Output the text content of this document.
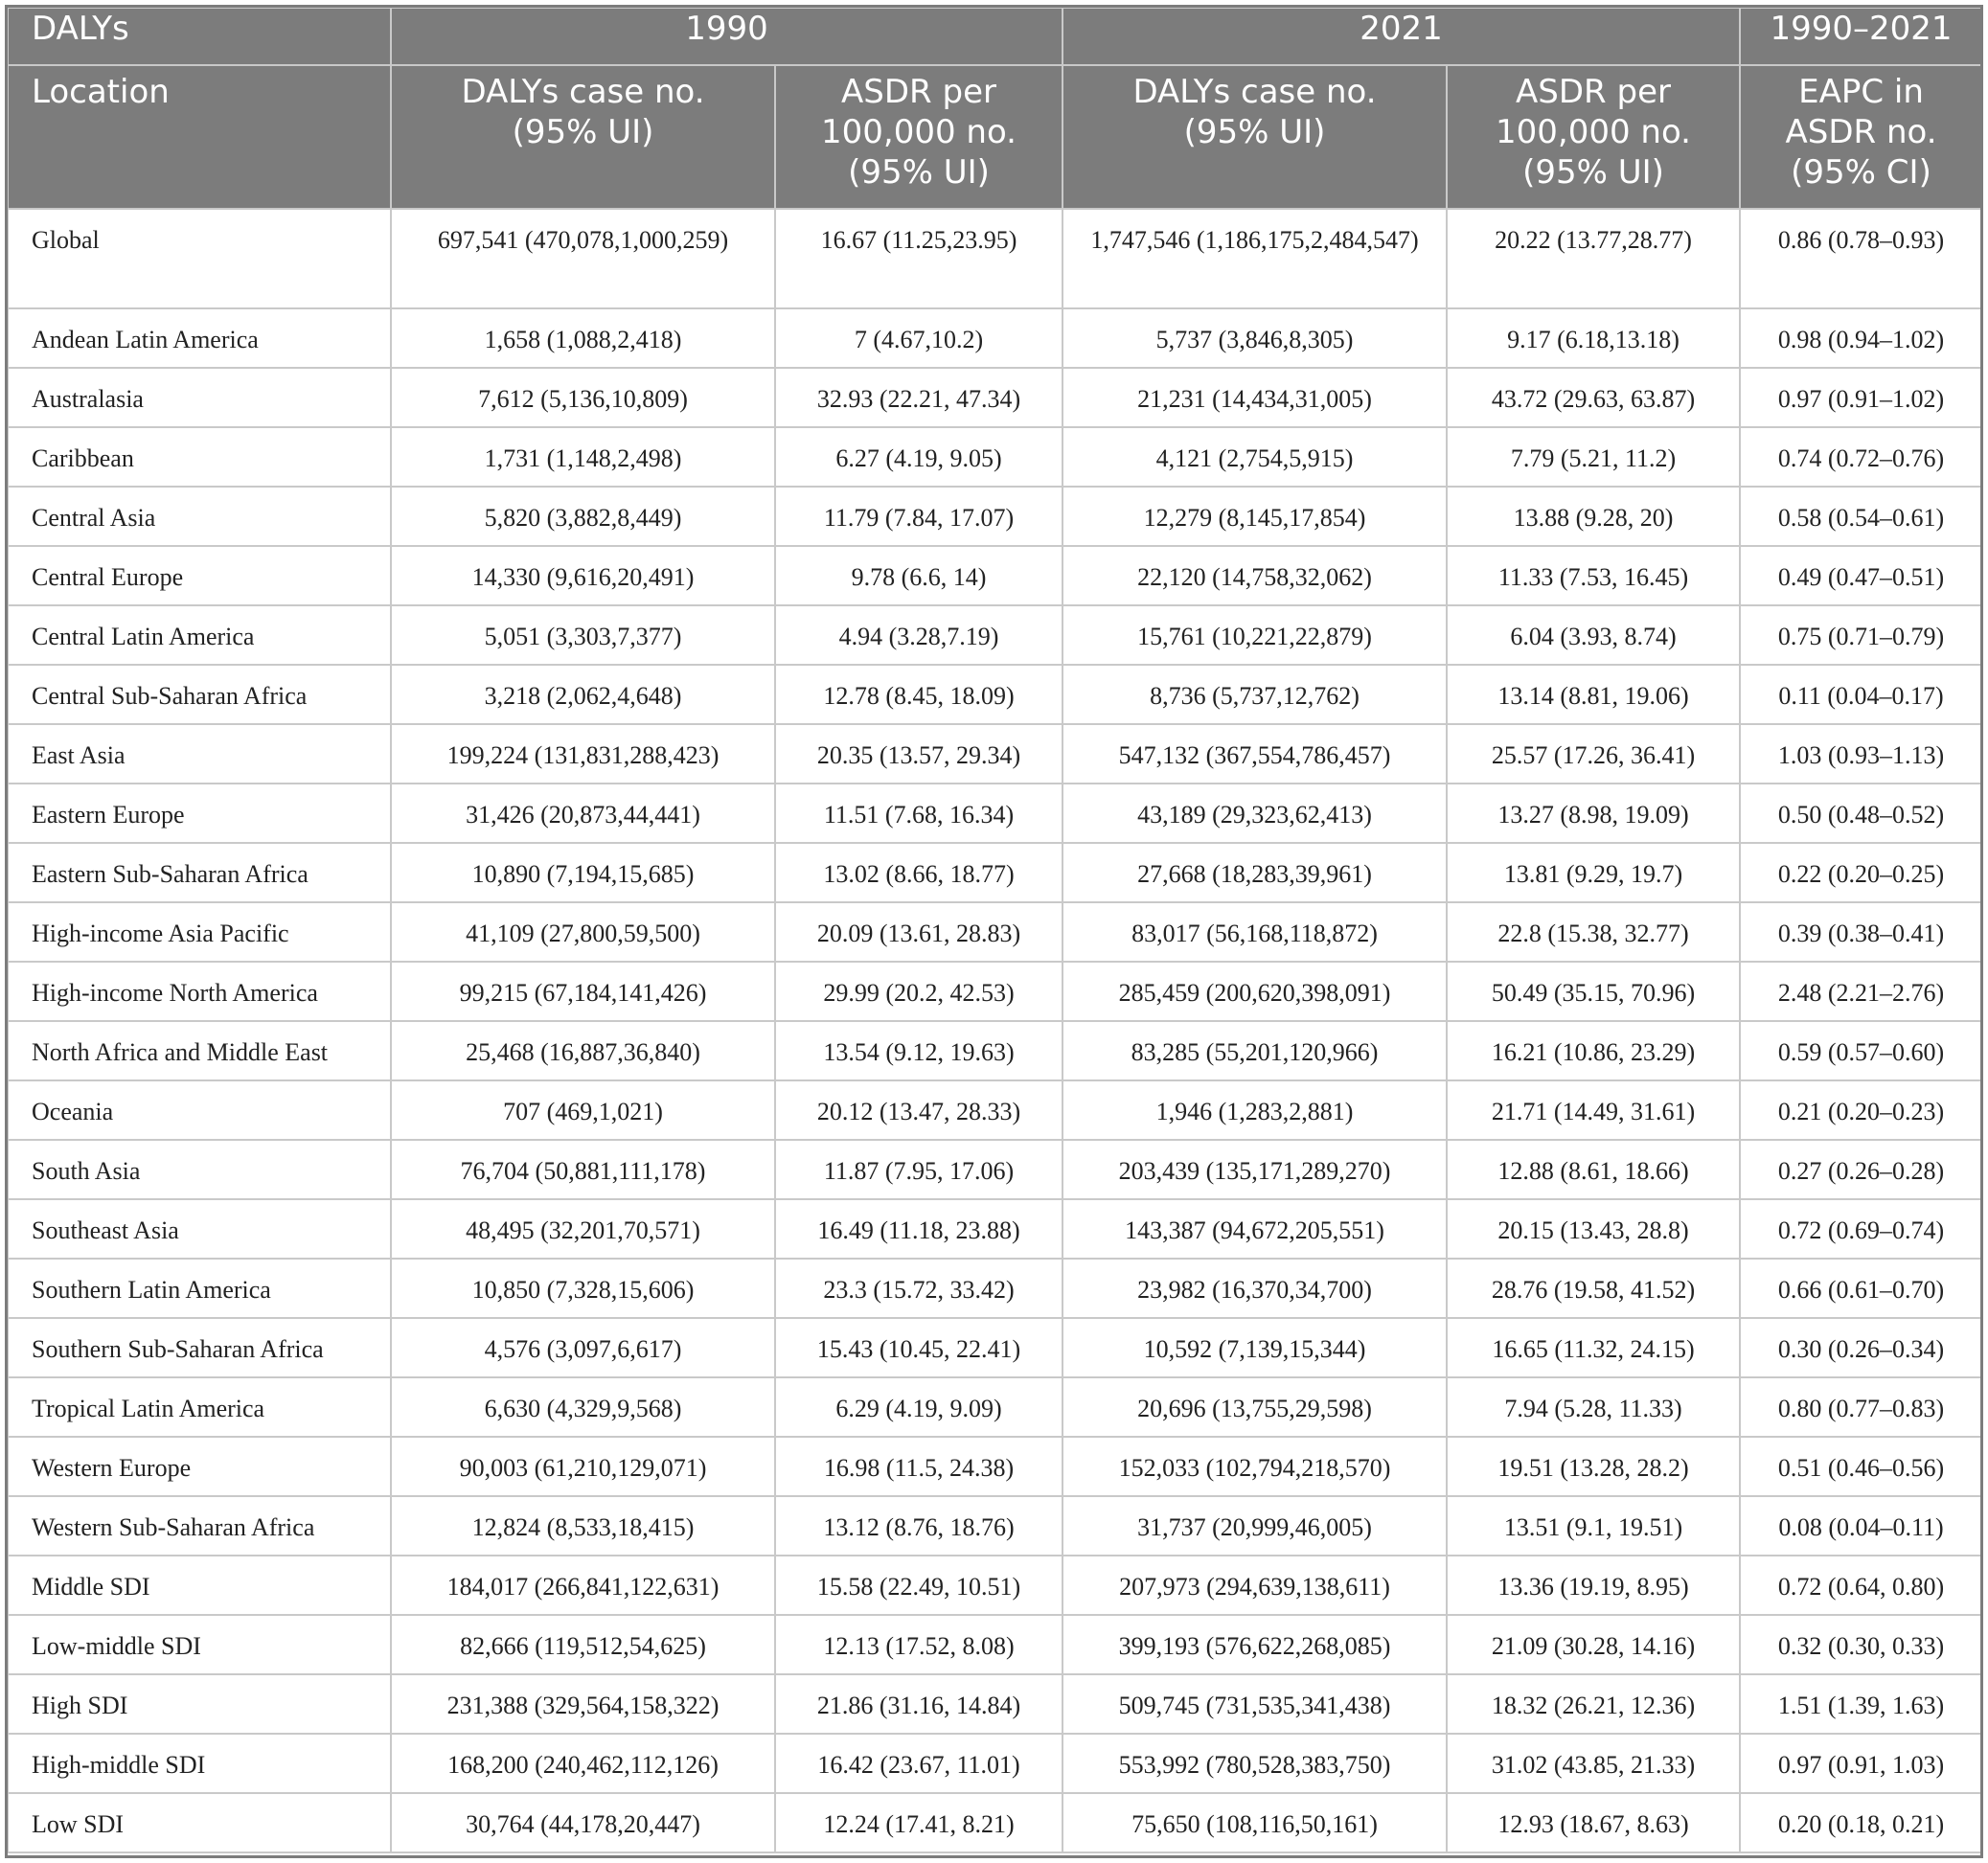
DALYs	1990		2021		1990–2021
Location	DALYs case no. (95% UI)	ASDR per 100,000 no. (95% UI)	DALYs case no. (95% UI)	ASDR per 100,000 no. (95% UI)	EAPC in ASDR no. (95% CI)
Global	697,541 (470,078,1,000,259)	16.67 (11.25,23.95)	1,747,546 (1,186,175,2,484,547)	20.22 (13.77,28.77)	0.86 (0.78–0.93)
Andean Latin America	1,658 (1,088,2,418)	7 (4.67,10.2)	5,737 (3,846,8,305)	9.17 (6.18,13.18)	0.98 (0.94–1.02)
Australasia	7,612 (5,136,10,809)	32.93 (22.21, 47.34)	21,231 (14,434,31,005)	43.72 (29.63, 63.87)	0.97 (0.91–1.02)
Caribbean	1,731 (1,148,2,498)	6.27 (4.19, 9.05)	4,121 (2,754,5,915)	7.79 (5.21, 11.2)	0.74 (0.72–0.76)
Central Asia	5,820 (3,882,8,449)	11.79 (7.84, 17.07)	12,279 (8,145,17,854)	13.88 (9.28, 20)	0.58 (0.54–0.61)
Central Europe	14,330 (9,616,20,491)	9.78 (6.6, 14)	22,120 (14,758,32,062)	11.33 (7.53, 16.45)	0.49 (0.47–0.51)
Central Latin America	5,051 (3,303,7,377)	4.94 (3.28,7.19)	15,761 (10,221,22,879)	6.04 (3.93, 8.74)	0.75 (0.71–0.79)
Central Sub-Saharan Africa	3,218 (2,062,4,648)	12.78 (8.45, 18.09)	8,736 (5,737,12,762)	13.14 (8.81, 19.06)	0.11 (0.04–0.17)
East Asia	199,224 (131,831,288,423)	20.35 (13.57, 29.34)	547,132 (367,554,786,457)	25.57 (17.26, 36.41)	1.03 (0.93–1.13)
Eastern Europe	31,426 (20,873,44,441)	11.51 (7.68, 16.34)	43,189 (29,323,62,413)	13.27 (8.98, 19.09)	0.50 (0.48–0.52)
Eastern Sub-Saharan Africa	10,890 (7,194,15,685)	13.02 (8.66, 18.77)	27,668 (18,283,39,961)	13.81 (9.29, 19.7)	0.22 (0.20–0.25)
High-income Asia Pacific	41,109 (27,800,59,500)	20.09 (13.61, 28.83)	83,017 (56,168,118,872)	22.8 (15.38, 32.77)	0.39 (0.38–0.41)
High-income North America	99,215 (67,184,141,426)	29.99 (20.2, 42.53)	285,459 (200,620,398,091)	50.49 (35.15, 70.96)	2.48 (2.21–2.76)
North Africa and Middle East	25,468 (16,887,36,840)	13.54 (9.12, 19.63)	83,285 (55,201,120,966)	16.21 (10.86, 23.29)	0.59 (0.57–0.60)
Oceania	707 (469,1,021)	20.12 (13.47, 28.33)	1,946 (1,283,2,881)	21.71 (14.49, 31.61)	0.21 (0.20–0.23)
South Asia	76,704 (50,881,111,178)	11.87 (7.95, 17.06)	203,439 (135,171,289,270)	12.88 (8.61, 18.66)	0.27 (0.26–0.28)
Southeast Asia	48,495 (32,201,70,571)	16.49 (11.18, 23.88)	143,387 (94,672,205,551)	20.15 (13.43, 28.8)	0.72 (0.69–0.74)
Southern Latin America	10,850 (7,328,15,606)	23.3 (15.72, 33.42)	23,982 (16,370,34,700)	28.76 (19.58, 41.52)	0.66 (0.61–0.70)
Southern Sub-Saharan Africa	4,576 (3,097,6,617)	15.43 (10.45, 22.41)	10,592 (7,139,15,344)	16.65 (11.32, 24.15)	0.30 (0.26–0.34)
Tropical Latin America	6,630 (4,329,9,568)	6.29 (4.19, 9.09)	20,696 (13,755,29,598)	7.94 (5.28, 11.33)	0.80 (0.77–0.83)
Western Europe	90,003 (61,210,129,071)	16.98 (11.5, 24.38)	152,033 (102,794,218,570)	19.51 (13.28, 28.2)	0.51 (0.46–0.56)
Western Sub-Saharan Africa	12,824 (8,533,18,415)	13.12 (8.76, 18.76)	31,737 (20,999,46,005)	13.51 (9.1, 19.51)	0.08 (0.04–0.11)
Middle SDI	184,017 (266,841,122,631)	15.58 (22.49, 10.51)	207,973 (294,639,138,611)	13.36 (19.19, 8.95)	0.72 (0.64, 0.80)
Low-middle SDI	82,666 (119,512,54,625)	12.13 (17.52, 8.08)	399,193 (576,622,268,085)	21.09 (30.28, 14.16)	0.32 (0.30, 0.33)
High SDI	231,388 (329,564,158,322)	21.86 (31.16, 14.84)	509,745 (731,535,341,438)	18.32 (26.21, 12.36)	1.51 (1.39, 1.63)
High-middle SDI	168,200 (240,462,112,126)	16.42 (23.67, 11.01)	553,992 (780,528,383,750)	31.02 (43.85, 21.33)	0.97 (0.91, 1.03)
Low SDI	30,764 (44,178,20,447)	12.24 (17.41, 8.21)	75,650 (108,116,50,161)	12.93 (18.67, 8.63)	0.20 (0.18, 0.21)
